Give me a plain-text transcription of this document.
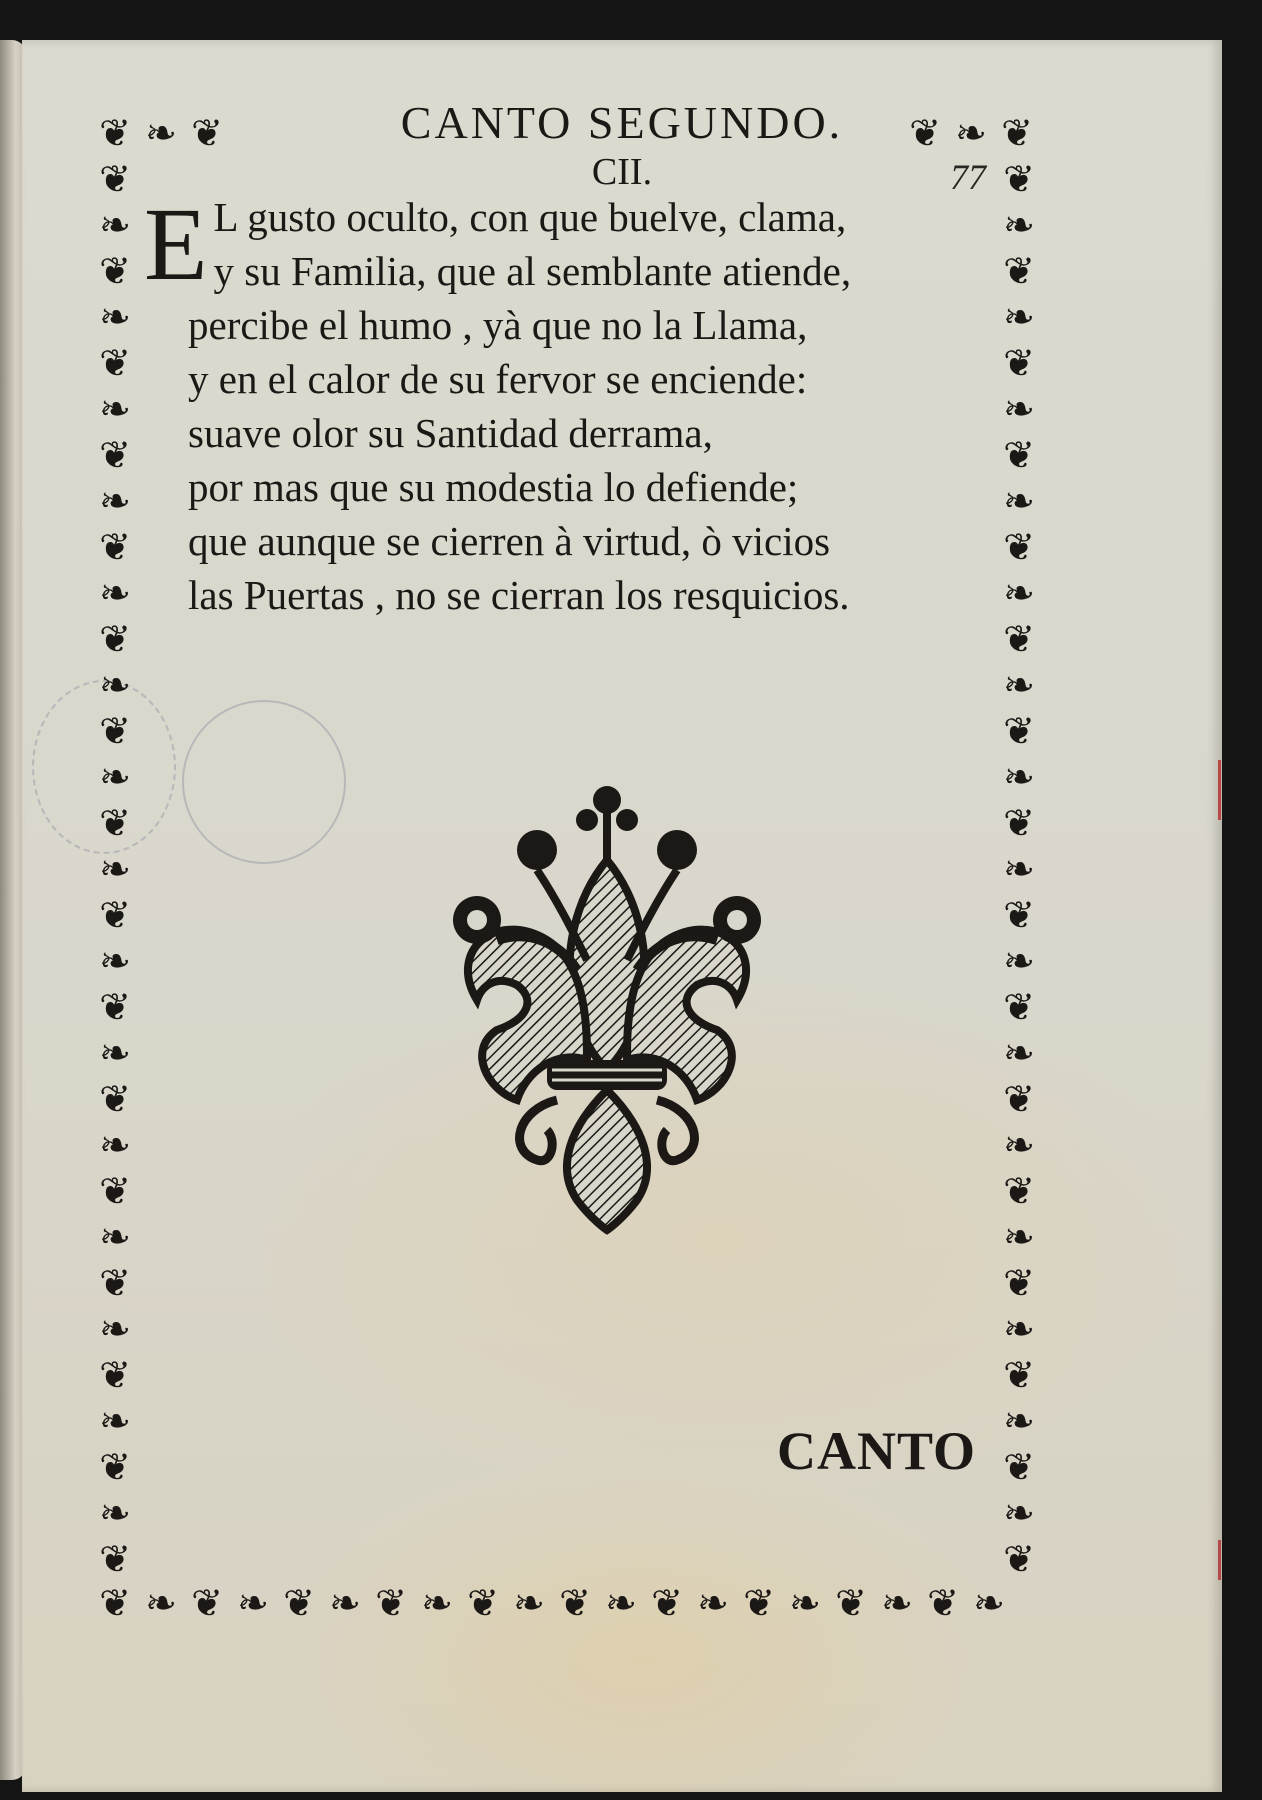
❦ ❧ ❦	❦ ❧ ❦
❦
❧
❦
❧
❦
❧
❦
❧
❦
❧
❦
❧
❦
❧
❦
❧
❦
❧
❦
❧
❦
❧
❦
❧
❦
❧
❦
❧
❦
❧
❦
❦
❧
❦
❧
❦
❧
❦
❧
❦
❧
❦
❧
❦
❧
❦
❧
❦
❧
❦
❧
❦
❧
❦
❧
❦
❧
❦
❧
❦
❧
❦
❦ ❧ ❦ ❧ ❦ ❧ ❦ ❧ ❦ ❧ ❦ ❧ ❦ ❧ ❦ ❧ ❦ ❧ ❦ ❧
CANTO SEGUNDO.
CII.	77
E L gusto oculto, con que buelve, clama,
y su Familia, que al semblante atiende,
percibe el humo , yà que no la Llama,
y en el calor de su fervor se enciende:
suave olor su Santidad derrama,
por mas que su modestia lo defiende;
que aunque se cierren à virtud, ò vicios
las Puertas , no se cierran los resquicios.
CANTO
